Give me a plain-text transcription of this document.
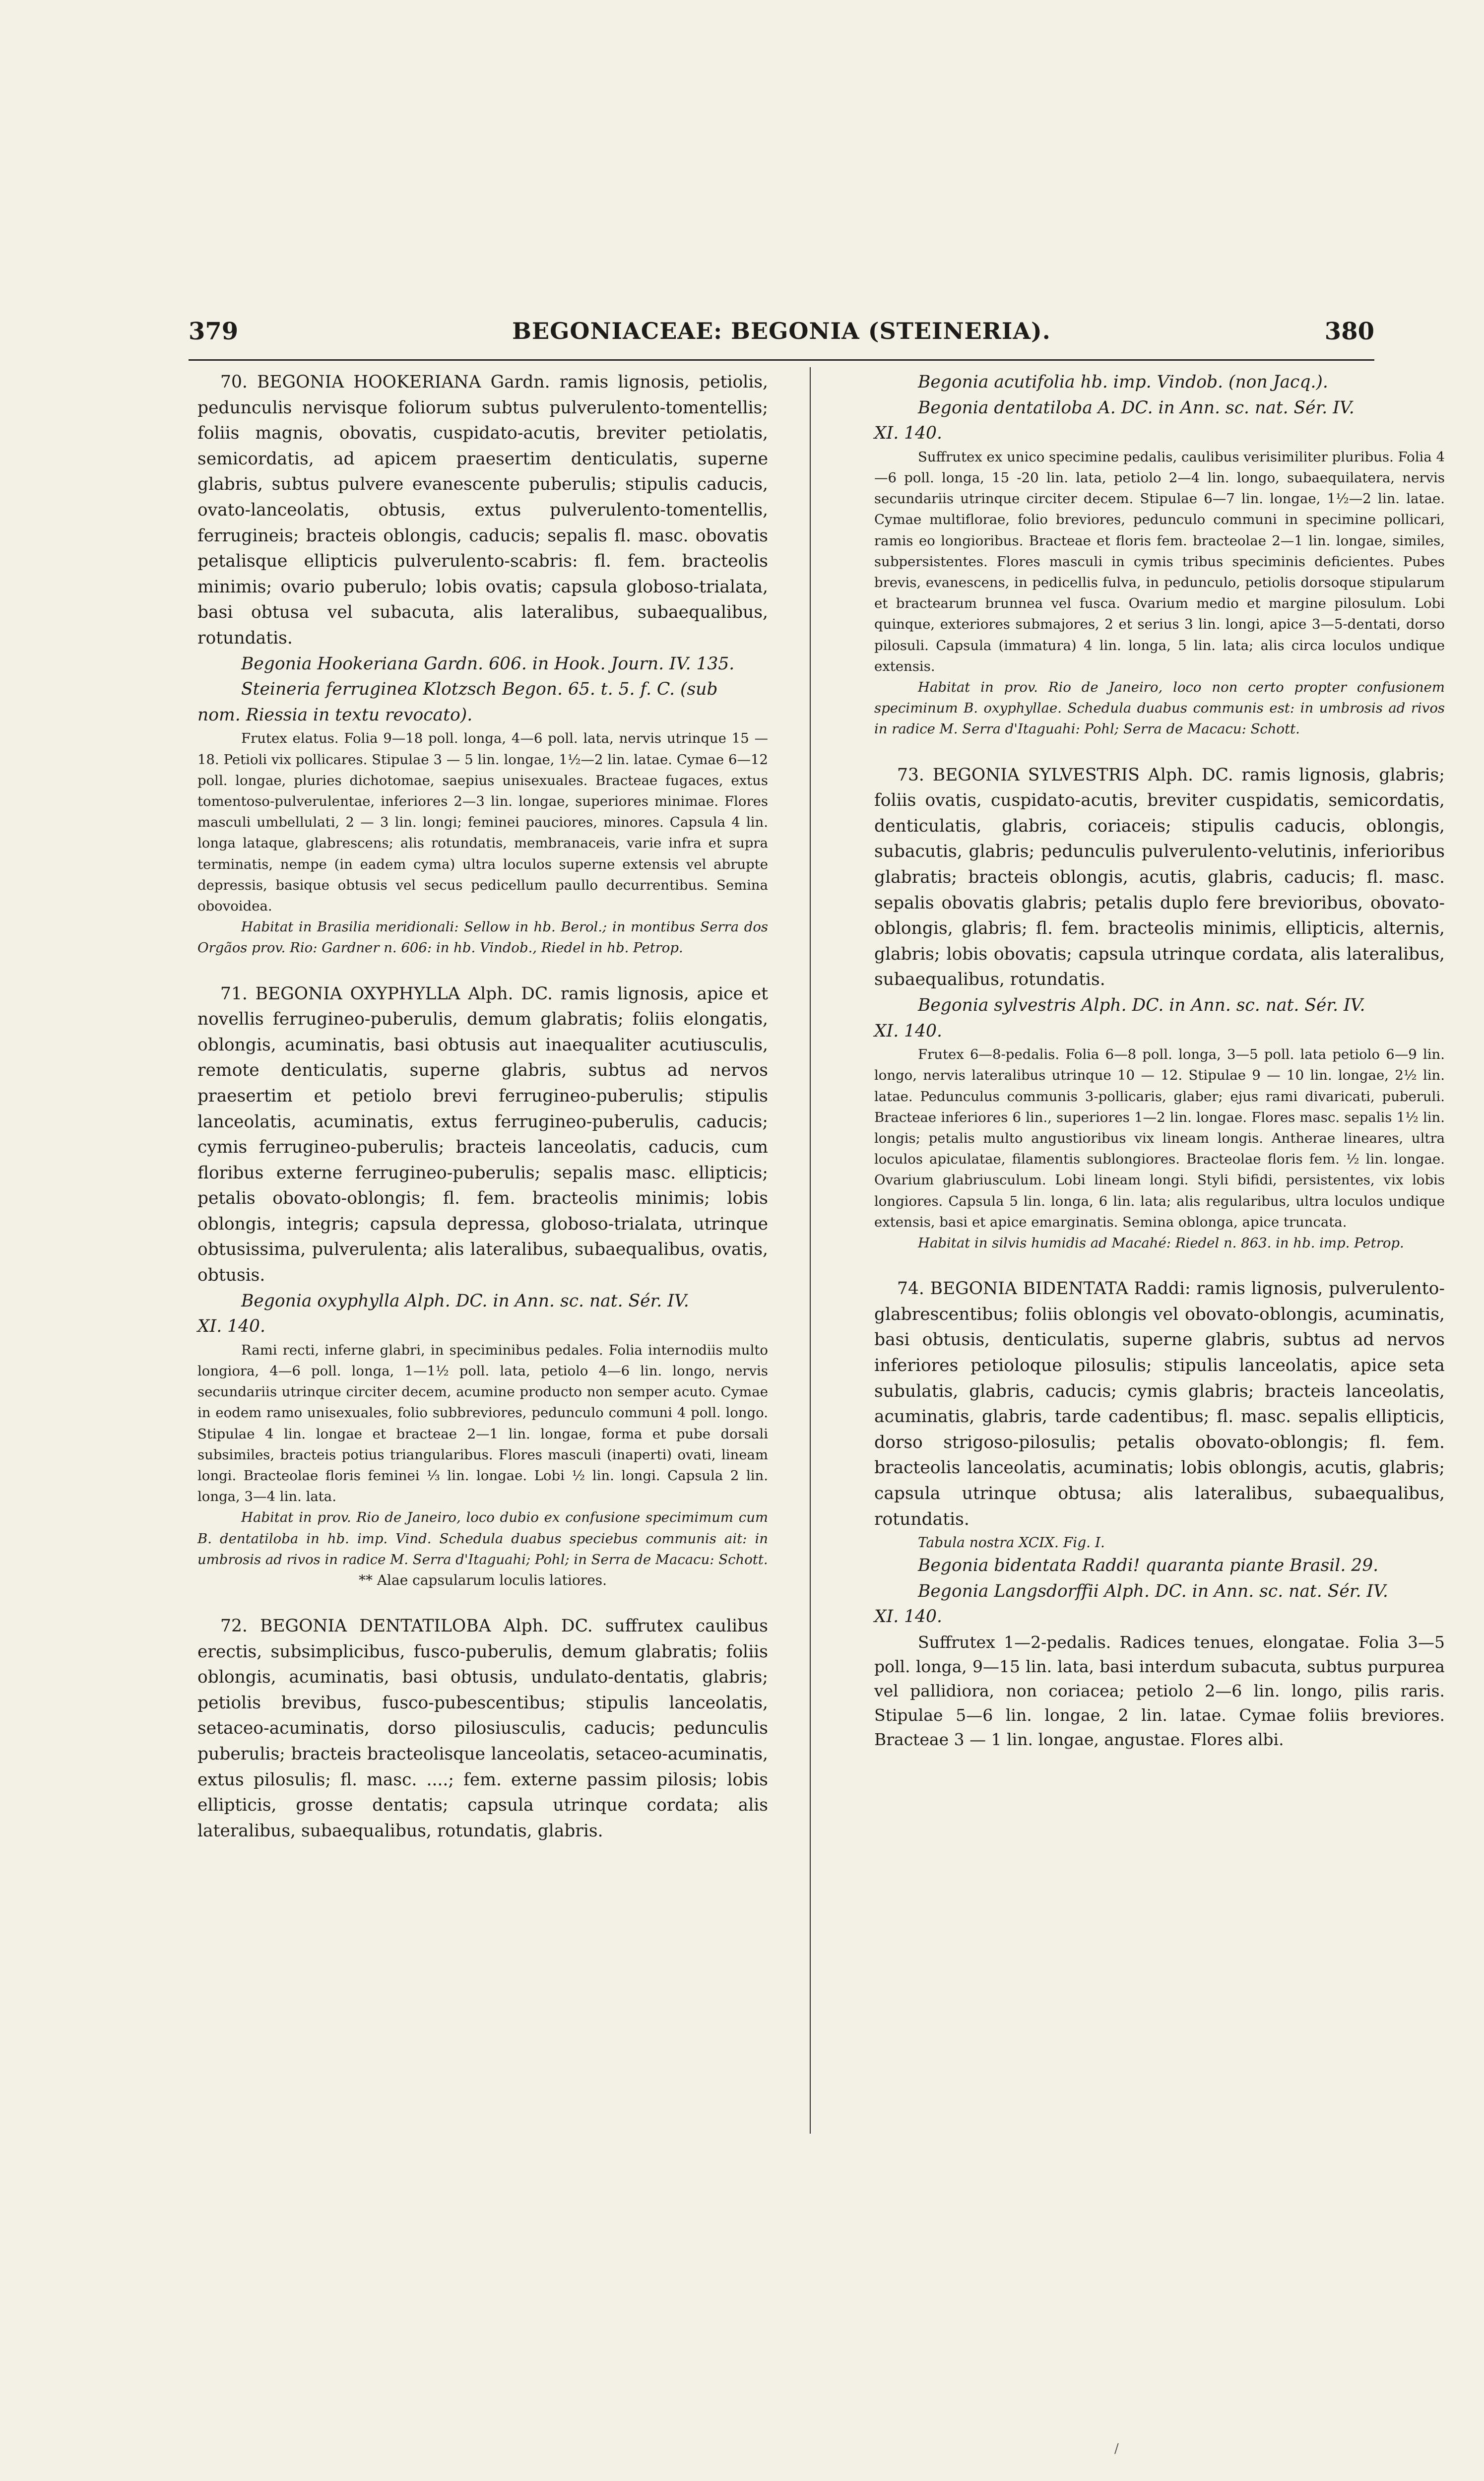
379	BEGONIACEAE: BEGONIA (STEINERIA).	380

70. BEGONIA HOOKERIANA Gardn. ramis lignosis, petiolis, pedunculis nervisque foliorum subtus pulverulento-tomentellis; foliis magnis, obovatis, cuspidato-acutis, breviter petiolatis, semicordatis, ad apicem praesertim denticulatis, superne glabris, subtus pulvere evanescente puberulis; stipulis caducis, ovato-lanceolatis, obtusis, extus pulverulento-tomentellis, ferrugineis; bracteis oblongis, caducis; sepalis fl. masc. obovatis petalisque ellipticis pulverulento-scabris: fl. fem. bracteolis minimis; ovario puberulo; lobis ovatis; capsula globoso-trialata, basi obtusa vel subacuta, alis lateralibus, subaequalibus, rotundatis.

Begonia Hookeriana Gardn. 606. in Hook. Journ. IV. 135.

Steineria ferruginea Klotzsch Begon. 65. t. 5. f. C. (sub

nom. Riessia in textu revocato).

Frutex elatus. Folia 9—18 poll. longa, 4—6 poll. lata, nervis utrinque 15 — 18. Petioli vix pollicares. Stipulae 3 — 5 lin. longae, 1½—2 lin. latae. Cymae 6—12 poll. longae, pluries dichotomae, saepius unisexuales. Bracteae fugaces, extus tomentoso-pulverulentae, inferiores 2—3 lin. longae, superiores minimae. Flores masculi umbellulati, 2 — 3 lin. longi; feminei pauciores, minores. Capsula 4 lin. longa lataque, glabrescens; alis rotundatis, membranaceis, varie infra et supra terminatis, nempe (in eadem cyma) ultra loculos superne extensis vel abrupte depressis, basique obtusis vel secus pedicellum paullo decurrentibus. Semina obovoidea.

Habitat in Brasilia meridionali: Sellow in hb. Berol.; in montibus Serra dos Orgãos prov. Rio: Gardner n. 606: in hb. Vindob., Riedel in hb. Petrop.

71. BEGONIA OXYPHYLLA Alph. DC. ramis lignosis, apice et novellis ferrugineo-puberulis, demum glabratis; foliis elongatis, oblongis, acuminatis, basi obtusis aut inaequaliter acutiusculis, remote denticulatis, superne glabris, subtus ad nervos praesertim et petiolo brevi ferrugineo-puberulis; stipulis lanceolatis, acuminatis, extus ferrugineo-puberulis, caducis; cymis ferrugineo-puberulis; bracteis lanceolatis, caducis, cum floribus externe ferrugineo-puberulis; sepalis masc. ellipticis; petalis obovato-oblongis; fl. fem. bracteolis minimis; lobis oblongis, integris; capsula depressa, globoso-trialata, utrinque obtusissima, pulverulenta; alis lateralibus, subaequalibus, ovatis, obtusis.

Begonia oxyphylla Alph. DC. in Ann. sc. nat. Sér. IV.

XI. 140.

Rami recti, inferne glabri, in speciminibus pedales. Folia internodiis multo longiora, 4—6 poll. longa, 1—1½ poll. lata, petiolo 4—6 lin. longo, nervis secundariis utrinque circiter decem, acumine producto non semper acuto. Cymae in eodem ramo unisexuales, folio subbreviores, pedunculo communi 4 poll. longo. Stipulae 4 lin. longae et bracteae 2—1 lin. longae, forma et pube dorsali subsimiles, bracteis potius triangularibus. Flores masculi (inaperti) ovati, lineam longi. Bracteolae floris feminei ⅓ lin. longae. Lobi ½ lin. longi. Capsula 2 lin. longa, 3—4 lin. lata.

Habitat in prov. Rio de Janeiro, loco dubio ex confusione specimimum cum B. dentatiloba in hb. imp. Vind. Schedula duabus speciebus communis ait: in umbrosis ad rivos in radice M. Serra d'Itaguahi; Pohl; in Serra de Macacu: Schott.

** Alae capsularum loculis latiores.

72. BEGONIA DENTATILOBA Alph. DC. suffrutex caulibus erectis, subsimplicibus, fusco-puberulis, demum glabratis; foliis oblongis, acuminatis, basi obtusis, undulato-dentatis, glabris; petiolis brevibus, fusco-pubescentibus; stipulis lanceolatis, setaceo-acuminatis, dorso pilosiusculis, caducis; pedunculis puberulis; bracteis bracteolisque lanceolatis, setaceo-acuminatis, extus pilosulis; fl. masc. ....; fem. externe passim pilosis; lobis ellipticis, grosse dentatis; capsula utrinque cordata; alis lateralibus, subaequalibus, rotundatis, glabris.

Begonia acutifolia hb. imp. Vindob. (non Jacq.).

Begonia dentatiloba A. DC. in Ann. sc. nat. Sér. IV.

XI. 140.

Suffrutex ex unico specimine pedalis, caulibus verisimiliter pluribus. Folia 4—6 poll. longa, 15 -20 lin. lata, petiolo 2—4 lin. longo, subaequilatera, nervis secundariis utrinque circiter decem. Stipulae 6—7 lin. longae, 1½—2 lin. latae. Cymae multiflorae, folio breviores, pedunculo communi in specimine pollicari, ramis eo longioribus. Bracteae et floris fem. bracteolae 2—1 lin. longae, similes, subpersistentes. Flores masculi in cymis tribus speciminis deficientes. Pubes brevis, evanescens, in pedicellis fulva, in pedunculo, petiolis dorsoque stipularum et bractearum brunnea vel fusca. Ovarium medio et margine pilosulum. Lobi quinque, exteriores submajores, 2 et serius 3 lin. longi, apice 3—5-dentati, dorso pilosuli. Capsula (immatura) 4 lin. longa, 5 lin. lata; alis circa loculos undique extensis.

Habitat in prov. Rio de Janeiro, loco non certo propter confusionem speciminum B. oxyphyllae. Schedula duabus communis est: in umbrosis ad rivos in radice M. Serra d'Itaguahi: Pohl; Serra de Macacu: Schott.

73. BEGONIA SYLVESTRIS Alph. DC. ramis lignosis, glabris; foliis ovatis, cuspidato-acutis, breviter cuspidatis, semicordatis, denticulatis, glabris, coriaceis; stipulis caducis, oblongis, subacutis, glabris; pedunculis pulverulento-velutinis, inferioribus glabratis; bracteis oblongis, acutis, glabris, caducis; fl. masc. sepalis obovatis glabris; petalis duplo fere brevioribus, obovato-oblongis, glabris; fl. fem. bracteolis minimis, ellipticis, alternis, glabris; lobis obovatis; capsula utrinque cordata, alis lateralibus, subaequalibus, rotundatis.

Begonia sylvestris Alph. DC. in Ann. sc. nat. Sér. IV.

XI. 140.

Frutex 6—8-pedalis. Folia 6—8 poll. longa, 3—5 poll. lata petiolo 6—9 lin. longo, nervis lateralibus utrinque 10 — 12. Stipulae 9 — 10 lin. longae, 2½ lin. latae. Pedunculus communis 3-pollicaris, glaber; ejus rami divaricati, puberuli. Bracteae inferiores 6 lin., superiores 1—2 lin. longae. Flores masc. sepalis 1½ lin. longis; petalis multo angustioribus vix lineam longis. Antherae lineares, ultra loculos apiculatae, filamentis sublongiores. Bracteolae floris fem. ½ lin. longae. Ovarium glabriusculum. Lobi lineam longi. Styli bifidi, persistentes, vix lobis longiores. Capsula 5 lin. longa, 6 lin. lata; alis regularibus, ultra loculos undique extensis, basi et apice emarginatis. Semina oblonga, apice truncata.

Habitat in silvis humidis ad Macahé: Riedel n. 863. in hb. imp. Petrop.

74. BEGONIA BIDENTATA Raddi: ramis lignosis, pulverulento-glabrescentibus; foliis oblongis vel obovato-oblongis, acuminatis, basi obtusis, denticulatis, superne glabris, subtus ad nervos inferiores petioloque pilosulis; stipulis lanceolatis, apice seta subulatis, glabris, caducis; cymis glabris; bracteis lanceolatis, acuminatis, glabris, tarde cadentibus; fl. masc. sepalis ellipticis, dorso strigoso-pilosulis; petalis obovato-oblongis; fl. fem. bracteolis lanceolatis, acuminatis; lobis oblongis, acutis, glabris; capsula utrinque obtusa; alis lateralibus, subaequalibus, rotundatis.

Tabula nostra XCIX. Fig. I.

Begonia bidentata Raddi! quaranta piante Brasil. 29.

Begonia Langsdorffii Alph. DC. in Ann. sc. nat. Sér. IV.

XI. 140.

Suffrutex 1—2-pedalis. Radices tenues, elongatae. Folia 3—5 poll. longa, 9—15 lin. lata, basi interdum subacuta, subtus purpurea vel pallidiora, non coriacea; petiolo 2—6 lin. longo, pilis raris. Stipulae 5—6 lin. longae, 2 lin. latae. Cymae foliis breviores. Bracteae 3 — 1 lin. longae, angustae. Flores albi.

/
